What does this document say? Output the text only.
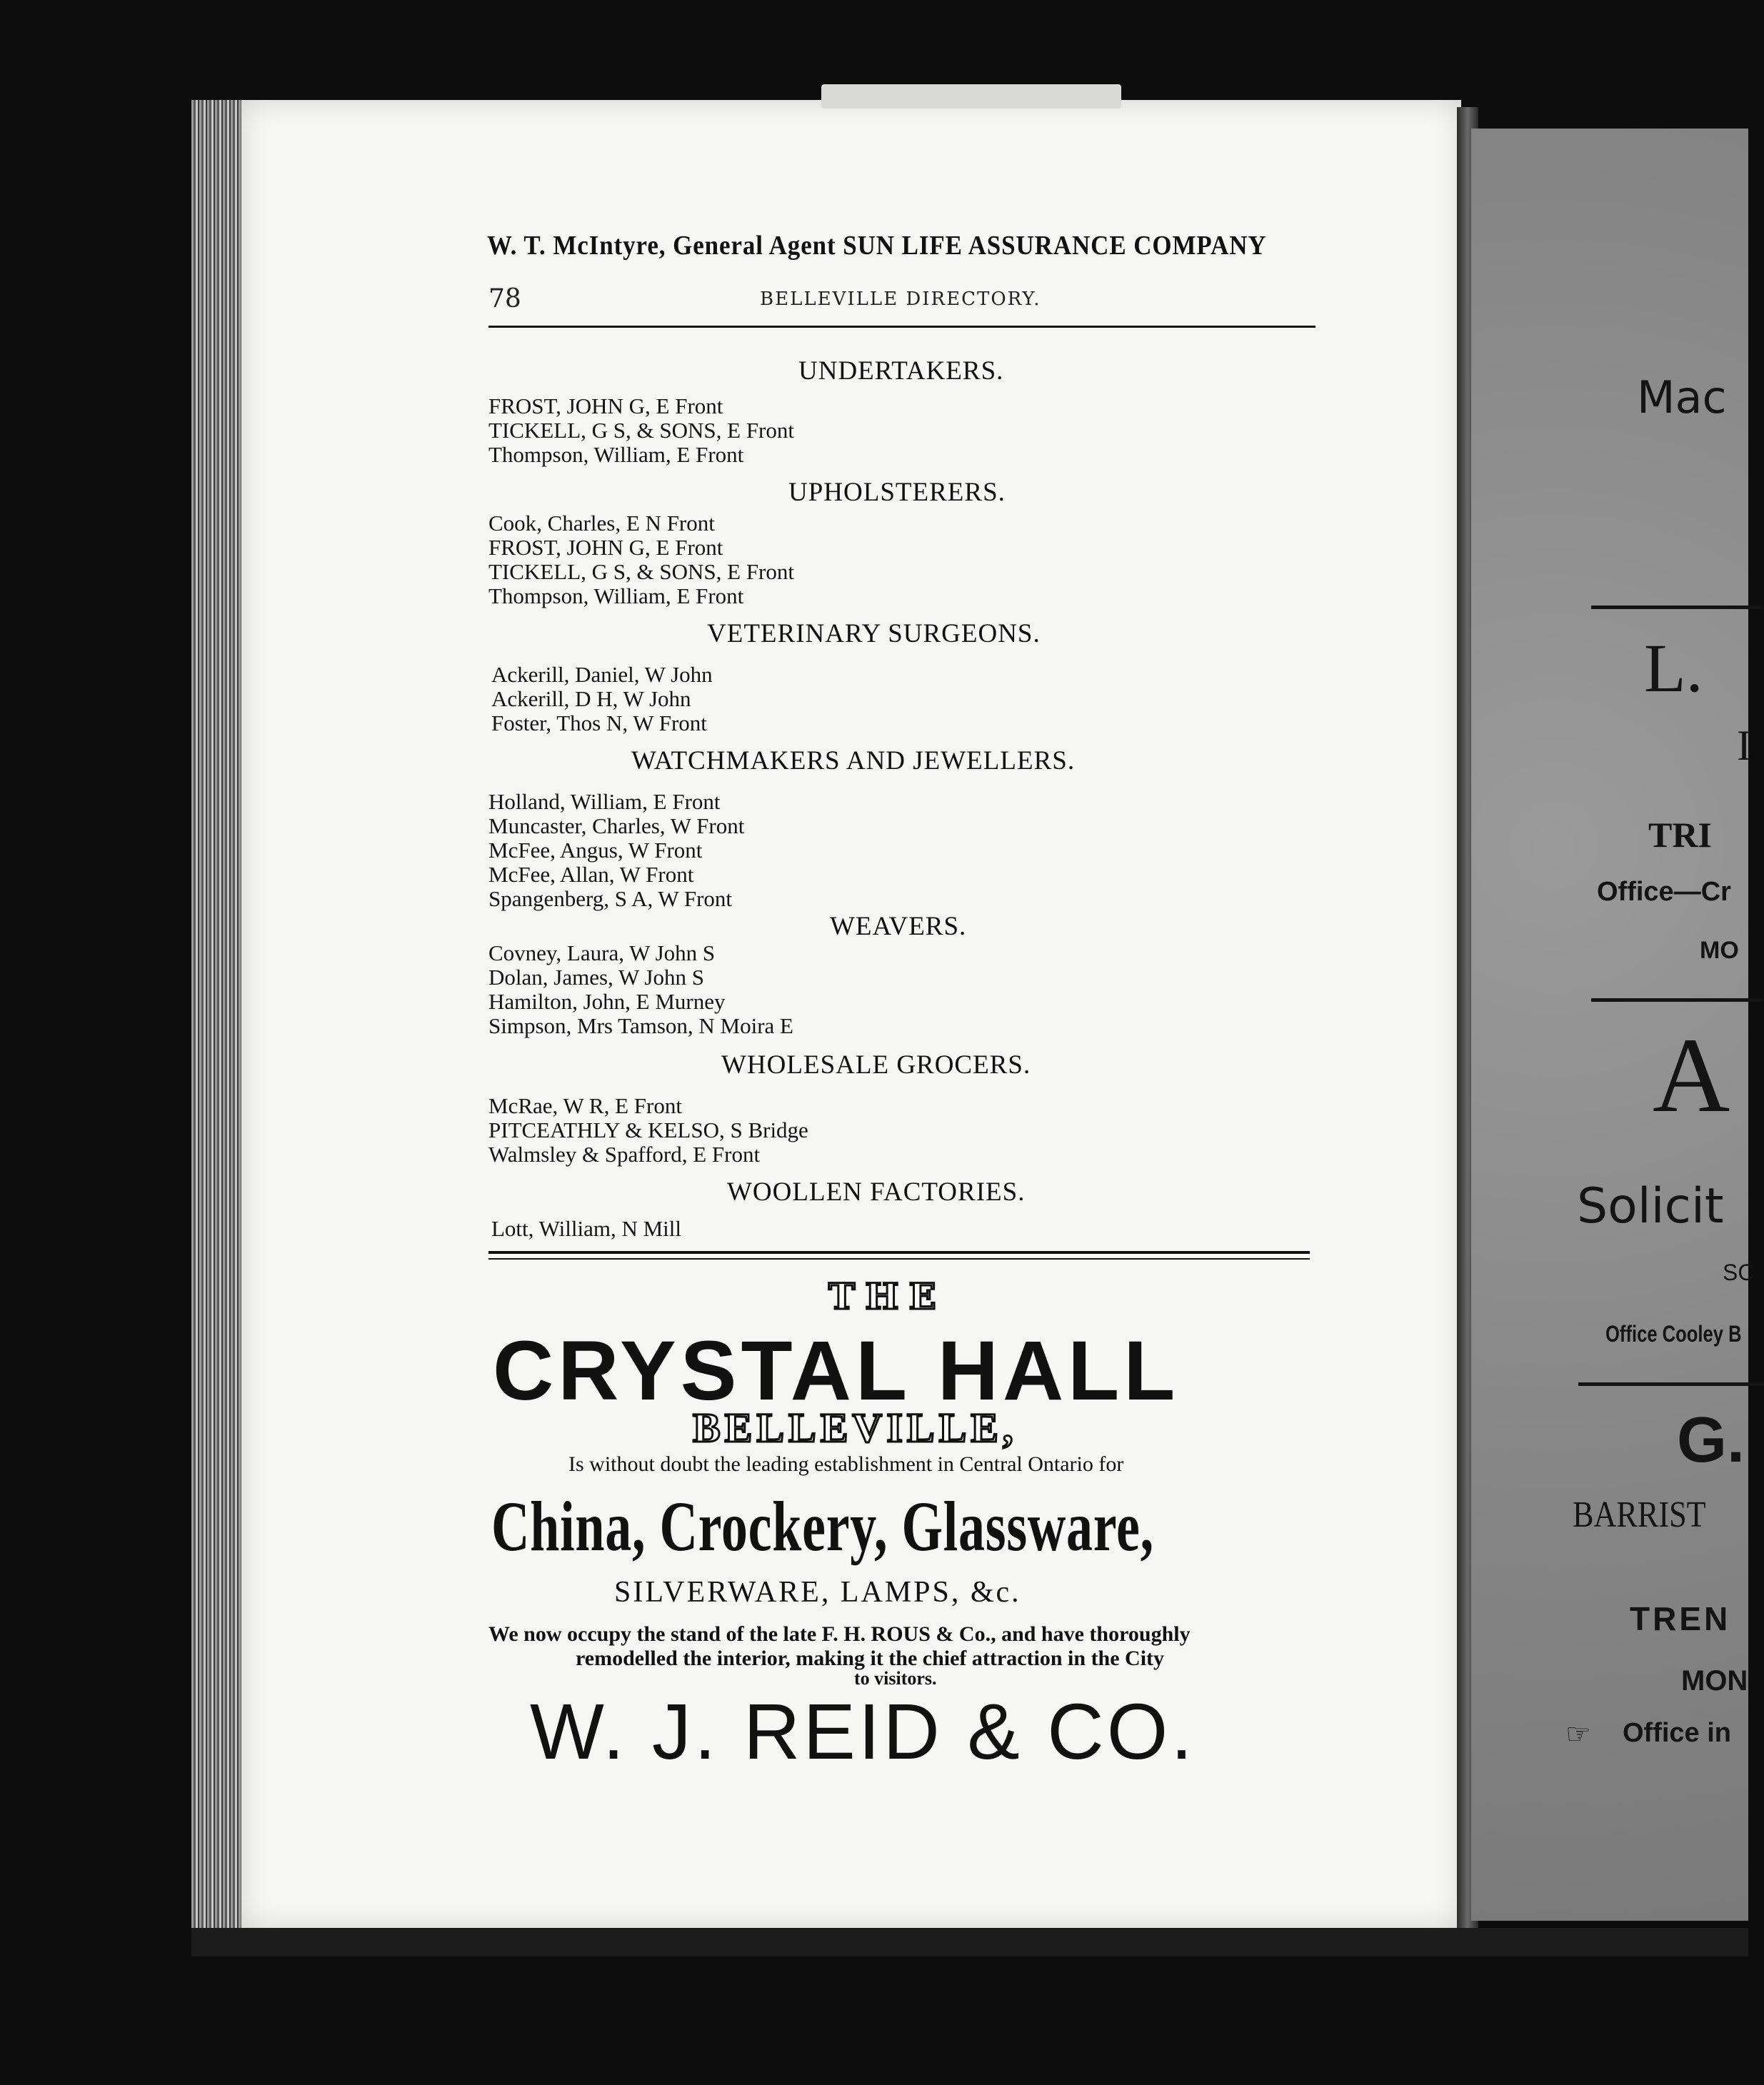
W. T. McIntyre, General Agent SUN LIFE ASSURANCE COMPANY
78	BELLEVILLE DIRECTORY.
UNDERTAKERS.
FROST, JOHN G, E Front
TICKELL, G S, & SONS, E Front
Thompson, William, E Front
UPHOLSTERERS.
Cook, Charles, E N Front
FROST, JOHN G, E Front
TICKELL, G S, & SONS, E Front
Thompson, William, E Front
VETERINARY SURGEONS.
Ackerill, Daniel, W John
Ackerill, D H, W John
Foster, Thos N, W Front
WATCHMAKERS AND JEWELLERS.
Holland, William, E Front
Muncaster, Charles, W Front
McFee, Angus, W Front
McFee, Allan, W Front
Spangenberg, S A, W Front
WEAVERS.
Covney, Laura, W John S
Dolan, James, W John S
Hamilton, John, E Murney
Simpson, Mrs Tamson, N Moira E
WHOLESALE GROCERS.
McRae, W R, E Front
PITCEATHLY & KELSO, S Bridge
Walmsley & Spafford, E Front
WOOLLEN FACTORIES.
Lott, William, N Mill
THE
CRYSTAL HALL
BELLEVILLE,
Is without doubt the leading establishment in Central Ontario for
China, Crockery, Glassware,
SILVERWARE, LAMPS, &c.
We now occupy the stand of the late F. H. ROUS & Co., and have thoroughly
remodelled the interior, making it the chief attraction in the City
to visitors.
W. J. REID & CO.
Mac
L.
I
TRI
Office—Cr
MO
A
Solicit
SC
Office Cooley B
G.
BARRIST
TREN
MON
☞ Office in
